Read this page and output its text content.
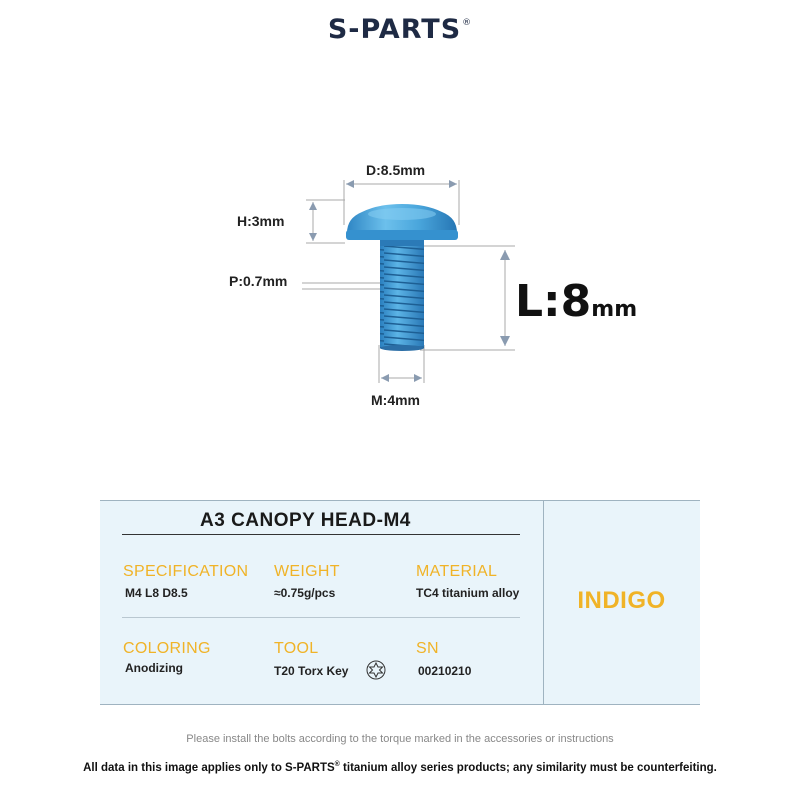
S-PARTS®
D:8.5mm
H:3mm
P:0.7mm
M:4mm
L:8mm
A3 CANOPY HEAD-M4
SPECIFICATION
M4 L8 D8.5
WEIGHT
≈0.75g/pcs
MATERIAL
TC4 titanium alloy
COLORING
Anodizing
TOOL
T20 Torx Key
SN
00210210
INDIGO
Please install the bolts according to the torque marked in the accessories or instructions
All data in this image applies only to S-PARTS® titanium alloy series products; any similarity must be counterfeiting.
